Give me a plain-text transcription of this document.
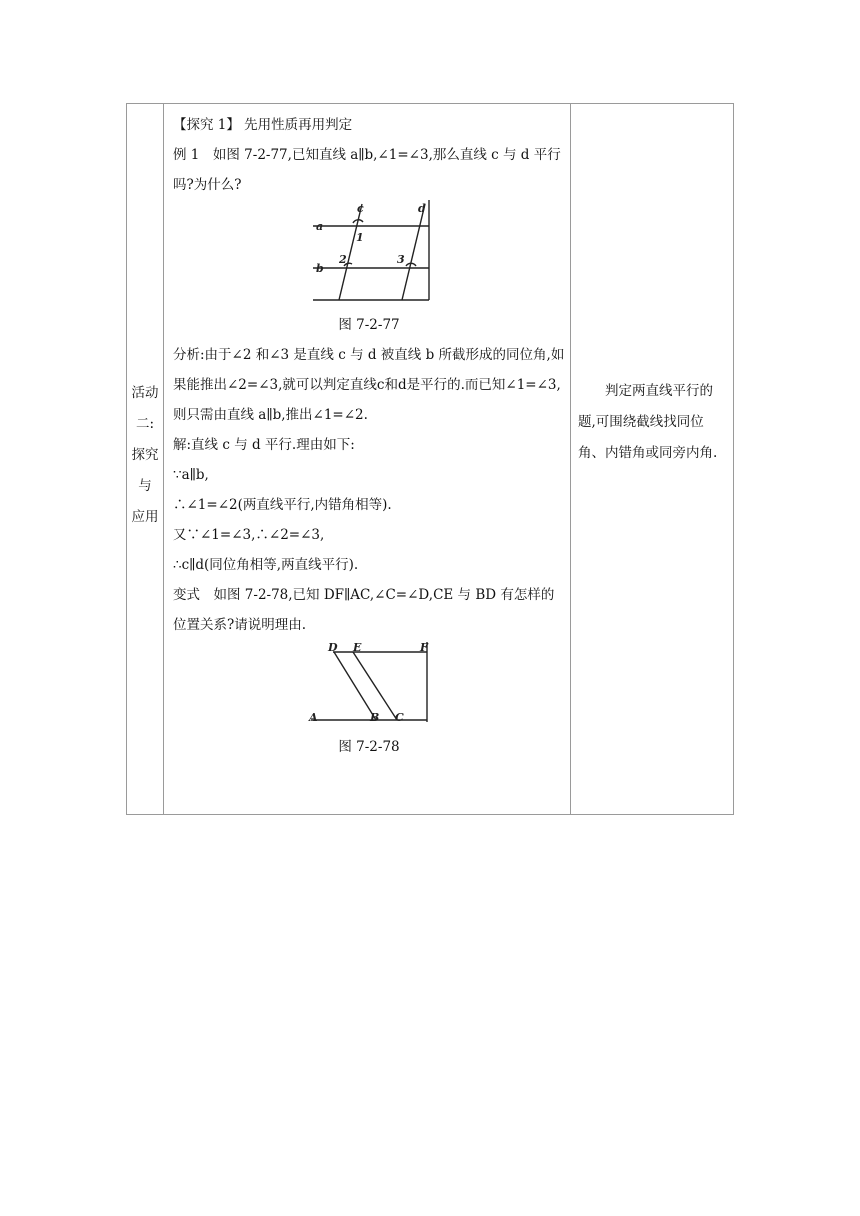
活动
二:
探究
与
应用

【探究 1】 先用性质再用判定

例 1　如图 7-2-77,已知直线 a∥b,∠1=∠3,那么直线 c 与 d 平行吗?为什么?

a
b
c	d
1
2	3
图 7-2-77

分析:由于∠2 和∠3 是直线 c 与 d 被直线 b 所截形成的同位角,如果能推出∠2=∠3,就可以判定直线c和d是平行的.而已知∠1=∠3,则只需由直线 a∥b,推出∠1=∠2.

解:直线 c 与 d 平行.理由如下:

∵a∥b,

∴∠1=∠2(两直线平行,内错角相等).

又∵∠1=∠3,∴∠2=∠3,

∴c∥d(同位角相等,两直线平行).

变式　如图 7-2-78,已知 DF∥AC,∠C=∠D,CE 与 BD 有怎样的位置关系?请说明理由.

D E	F
A	B C
图 7-2-78

判定两直线平行的题,可围绕截线找同位角、内错角或同旁内角.
